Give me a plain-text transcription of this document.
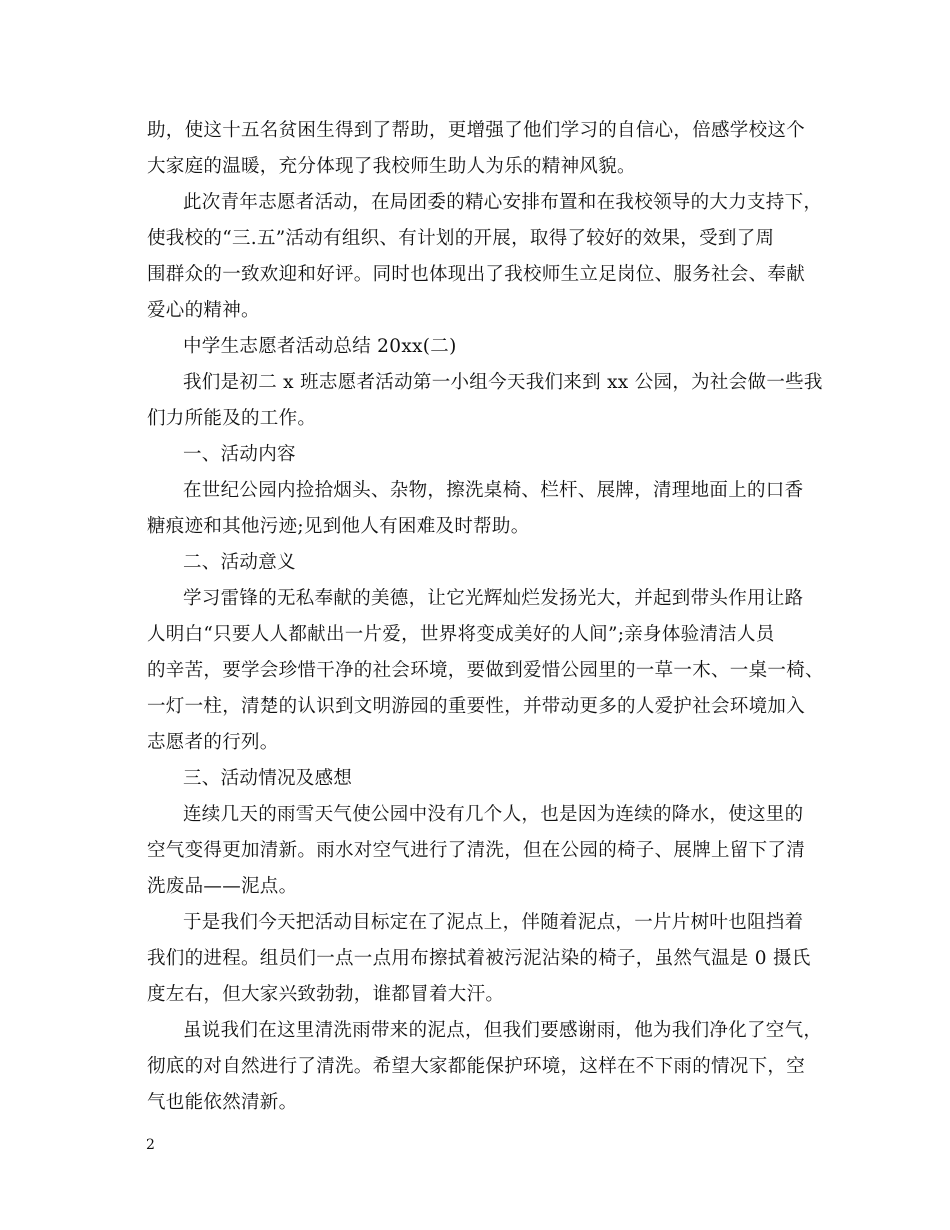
助，使这十五名贫困生得到了帮助，更增强了他们学习的自信心，倍感学校这个
大家庭的温暖，充分体现了我校师生助人为乐的精神风貌。
此次青年志愿者活动，在局团委的精心安排布置和在我校领导的大力支持下，
使我校的“三.五”活动有组织、有计划的开展，取得了较好的效果，受到了周
围群众的一致欢迎和好评。同时也体现出了我校师生立足岗位、服务社会、奉献
爱心的精神。
中学生志愿者活动总结 20xx(二)
我们是初二 x 班志愿者活动第一小组今天我们来到 xx 公园，为社会做一些我
们力所能及的工作。
一、活动内容
在世纪公园内捡拾烟头、杂物，擦洗桌椅、栏杆、展牌，清理地面上的口香
糖痕迹和其他污迹;见到他人有困难及时帮助。
二、活动意义
学习雷锋的无私奉献的美德，让它光辉灿烂发扬光大，并起到带头作用让路
人明白“只要人人都献出一片爱，世界将变成美好的人间”;亲身体验清洁人员
的辛苦，要学会珍惜干净的社会环境，要做到爱惜公园里的一草一木、一桌一椅、
一灯一柱，清楚的认识到文明游园的重要性，并带动更多的人爱护社会环境加入
志愿者的行列。
三、活动情况及感想
连续几天的雨雪天气使公园中没有几个人，也是因为连续的降水，使这里的
空气变得更加清新。雨水对空气进行了清洗，但在公园的椅子、展牌上留下了清
洗废品——泥点。
于是我们今天把活动目标定在了泥点上，伴随着泥点，一片片树叶也阻挡着
我们的进程。组员们一点一点用布擦拭着被污泥沾染的椅子，虽然气温是 0 摄氏
度左右，但大家兴致勃勃，谁都冒着大汗。
虽说我们在这里清洗雨带来的泥点，但我们要感谢雨，他为我们净化了空气，
彻底的对自然进行了清洗。希望大家都能保护环境，这样在不下雨的情况下，空
气也能依然清新。
2
